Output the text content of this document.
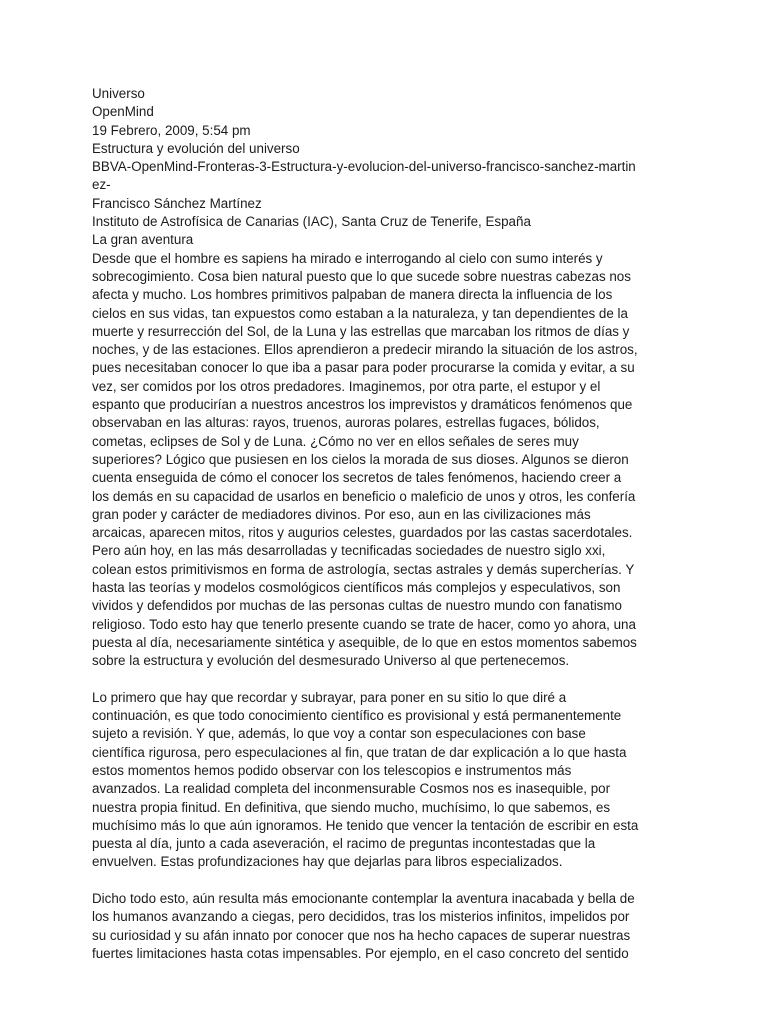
Universo
OpenMind
19 Febrero, 2009, 5:54 pm
Estructura y evolución del universo
BBVA-OpenMind-Fronteras-3-Estructura-y-evolucion-del-universo-francisco-sanchez-martin
ez-
Francisco Sánchez Martínez
Instituto de Astrofísica de Canarias (IAC), Santa Cruz de Tenerife, España
La gran aventura
Desde que el hombre es sapiens ha mirado e interrogando al cielo con sumo interés y
sobrecogimiento. Cosa bien natural puesto que lo que sucede sobre nuestras cabezas nos
afecta y mucho. Los hombres primitivos palpaban de manera directa la influencia de los
cielos en sus vidas, tan expuestos como estaban a la naturaleza, y tan dependientes de la
muerte y resurrección del Sol, de la Luna y las estrellas que marcaban los ritmos de días y
noches, y de las estaciones. Ellos aprendieron a predecir mirando la situación de los astros,
pues necesitaban conocer lo que iba a pasar para poder procurarse la comida y evitar, a su
vez, ser comidos por los otros predadores. Imaginemos, por otra parte, el estupor y el
espanto que producirían a nuestros ancestros los imprevistos y dramáticos fenómenos que
observaban en las alturas: rayos, truenos, auroras polares, estrellas fugaces, bólidos,
cometas, eclipses de Sol y de Luna. ¿Cómo no ver en ellos señales de seres muy
superiores? Lógico que pusiesen en los cielos la morada de sus dioses. Algunos se dieron
cuenta enseguida de cómo el conocer los secretos de tales fenómenos, haciendo creer a
los demás en su capacidad de usarlos en beneficio o maleficio de unos y otros, les confería
gran poder y carácter de mediadores divinos. Por eso, aun en las civilizaciones más
arcaicas, aparecen mitos, ritos y augurios celestes, guardados por las castas sacerdotales.
Pero aún hoy, en las más desarrolladas y tecnificadas sociedades de nuestro siglo xxi,
colean estos primitivismos en forma de astrología, sectas astrales y demás supercherías. Y
hasta las teorías y modelos cosmológicos científicos más complejos y especulativos, son
vividos y defendidos por muchas de las personas cultas de nuestro mundo con fanatismo
religioso. Todo esto hay que tenerlo presente cuando se trate de hacer, como yo ahora, una
puesta al día, necesariamente sintética y asequible, de lo que en estos momentos sabemos
sobre la estructura y evolución del desmesurado Universo al que pertenecemos.
Lo primero que hay que recordar y subrayar, para poner en su sitio lo que diré a
continuación, es que todo conocimiento científico es provisional y está permanentemente
sujeto a revisión. Y que, además, lo que voy a contar son especulaciones con base
científica rigurosa, pero especulaciones al fin, que tratan de dar explicación a lo que hasta
estos momentos hemos podido observar con los telescopios e instrumentos más
avanzados. La realidad completa del inconmensurable Cosmos nos es inasequible, por
nuestra propia finitud. En definitiva, que siendo mucho, muchísimo, lo que sabemos, es
muchísimo más lo que aún ignoramos. He tenido que vencer la tentación de escribir en esta
puesta al día, junto a cada aseveración, el racimo de preguntas incontestadas que la
envuelven. Estas profundizaciones hay que dejarlas para libros especializados.
Dicho todo esto, aún resulta más emocionante contemplar la aventura inacabada y bella de
los humanos avanzando a ciegas, pero decididos, tras los misterios infinitos, impelidos por
su curiosidad y su afán innato por conocer que nos ha hecho capaces de superar nuestras
fuertes limitaciones hasta cotas impensables. Por ejemplo, en el caso concreto del sentido
